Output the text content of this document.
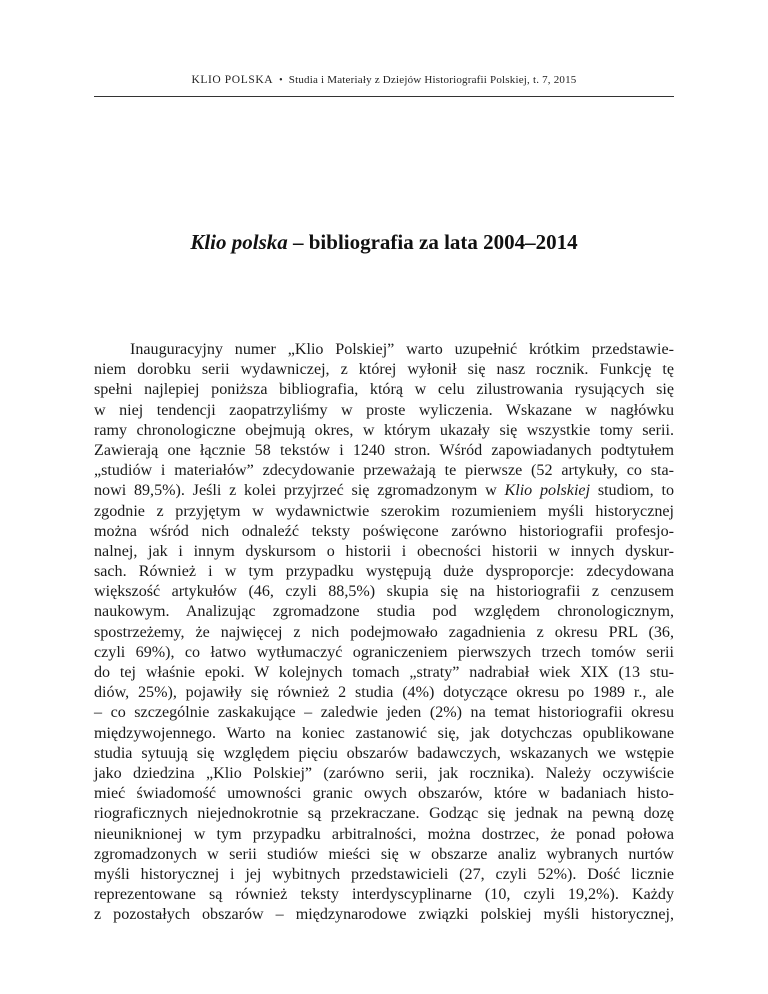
KLIO POLSKA • Studia i Materiały z Dziejów Historiografii Polskiej, t. 7, 2015
Klio polska – bibliografia za lata 2004–2014
Inauguracyjny numer „Klio Polskiej” warto uzupełnić krótkim przedstawie-
niem dorobku serii wydawniczej, z której wyłonił się nasz rocznik. Funkcję tę
spełni najlepiej poniższa bibliografia, którą w celu zilustrowania rysujących się
w niej tendencji zaopatrzyliśmy w proste wyliczenia. Wskazane w nagłówku
ramy chronologiczne obejmują okres, w którym ukazały się wszystkie tomy serii.
Zawierają one łącznie 58 tekstów i 1240 stron. Wśród zapowiadanych podtytułem
„studiów i materiałów” zdecydowanie przeważają te pierwsze (52 artykuły, co sta-
nowi 89,5%). Jeśli z kolei przyjrzeć się zgromadzonym w Klio polskiej studiom, to
zgodnie z przyjętym w wydawnictwie szerokim rozumieniem myśli historycznej
można wśród nich odnaleźć teksty poświęcone zarówno historiografii profesjo-
nalnej, jak i innym dyskursom o historii i obecności historii w innych dyskur-
sach. Również i w tym przypadku występują duże dysproporcje: zdecydowana
większość artykułów (46, czyli 88,5%) skupia się na historiografii z cenzusem
naukowym. Analizując zgromadzone studia pod względem chronologicznym,
spostrzeżemy, że najwięcej z nich podejmowało zagadnienia z okresu PRL (36,
czyli 69%), co łatwo wytłumaczyć ograniczeniem pierwszych trzech tomów serii
do tej właśnie epoki. W kolejnych tomach „straty” nadrabiał wiek XIX (13 stu-
diów, 25%), pojawiły się również 2 studia (4%) dotyczące okresu po 1989 r., ale
– co szczególnie zaskakujące – zaledwie jeden (2%) na temat historiografii okresu
międzywojennego. Warto na koniec zastanowić się, jak dotychczas opublikowane
studia sytuują się względem pięciu obszarów badawczych, wskazanych we wstępie
jako dziedzina „Klio Polskiej” (zarówno serii, jak rocznika). Należy oczywiście
mieć świadomość umowności granic owych obszarów, które w badaniach histo-
riograficznych niejednokrotnie są przekraczane. Godząc się jednak na pewną dozę
nieuniknionej w tym przypadku arbitralności, można dostrzec, że ponad połowa
zgromadzonych w serii studiów mieści się w obszarze analiz wybranych nurtów
myśli historycznej i jej wybitnych przedstawicieli (27, czyli 52%). Dość licznie
reprezentowane są również teksty interdyscyplinarne (10, czyli 19,2%). Każdy
z pozostałych obszarów – międzynarodowe związki polskiej myśli historycznej,
